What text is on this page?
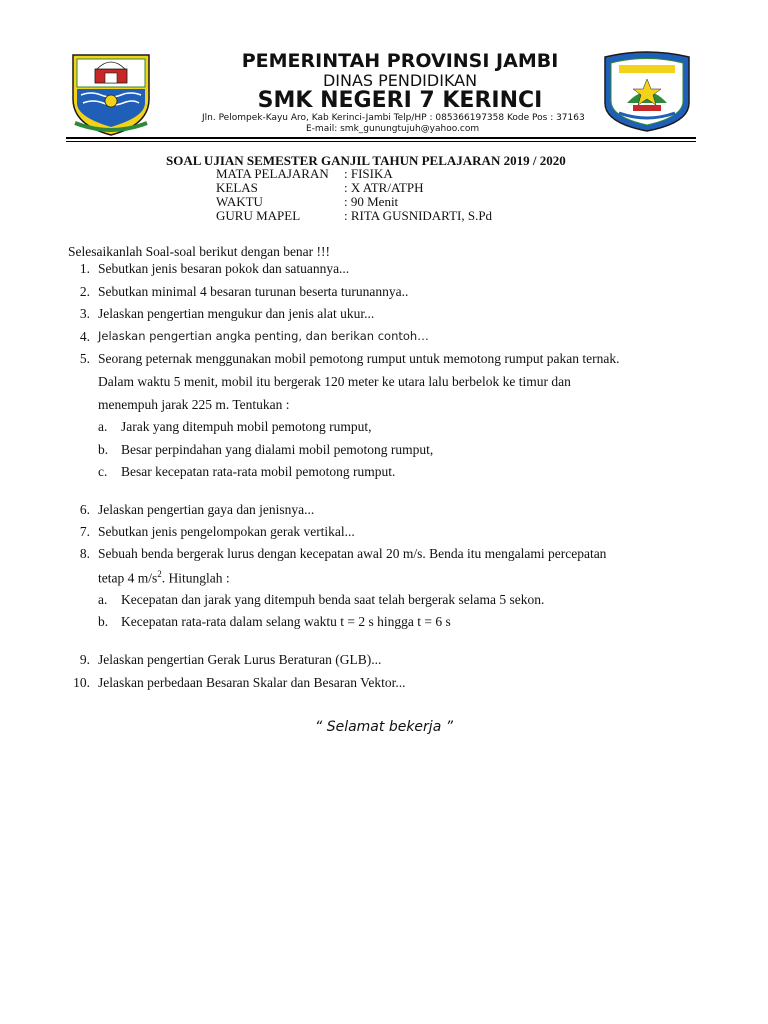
PEMERINTAH PROVINSI JAMBI
DINAS PENDIDIKAN
SMK NEGERI 7 KERINCI
Jln. Pelompek-Kayu Aro, Kab Kerinci-Jambi Telp/HP : 085366197358 Kode Pos : 37163
E-mail: smk_gunungtujuh@yahoo.com
SOAL UJIAN SEMESTER GANJIL TAHUN PELAJARAN 2019 / 2020
MATA PELAJARAN	: FISIKA
KELAS	: X ATR/ATPH
WAKTU	: 90 Menit
GURU MAPEL	: RITA GUSNIDARTI, S.Pd
Selesaikanlah Soal-soal berikut dengan benar !!!
1. Sebutkan jenis besaran pokok dan satuannya...
2. Sebutkan minimal 4 besaran turunan beserta turunannya..
3. Jelaskan pengertian mengukur dan jenis alat ukur...
4. Jelaskan pengertian angka penting, dan berikan contoh…
5. Seorang peternak menggunakan mobil pemotong rumput untuk memotong rumput pakan ternak.
Dalam waktu 5 menit, mobil itu bergerak 120 meter ke utara lalu berbelok ke timur dan
menempuh jarak 225 m. Tentukan :
a. Jarak yang ditempuh mobil pemotong rumput,
b. Besar perpindahan yang dialami mobil pemotong rumput,
c. Besar kecepatan rata-rata mobil pemotong rumput.
6. Jelaskan pengertian gaya dan jenisnya...
7. Sebutkan jenis pengelompokan gerak vertikal...
8. Sebuah benda bergerak lurus dengan kecepatan awal 20 m/s. Benda itu mengalami percepatan
tetap 4 $m/s^2$. Hitunglah :
a. Kecepatan dan jarak yang ditempuh benda saat telah bergerak selama 5 sekon.
b. Kecepatan rata-rata dalam selang waktu t = 2 s hingga t = 6 s
9. Jelaskan pengertian Gerak Lurus Beraturan (GLB)...
10. Jelaskan perbedaan Besaran Skalar dan Besaran Vektor...
“ Selamat bekerja ”
